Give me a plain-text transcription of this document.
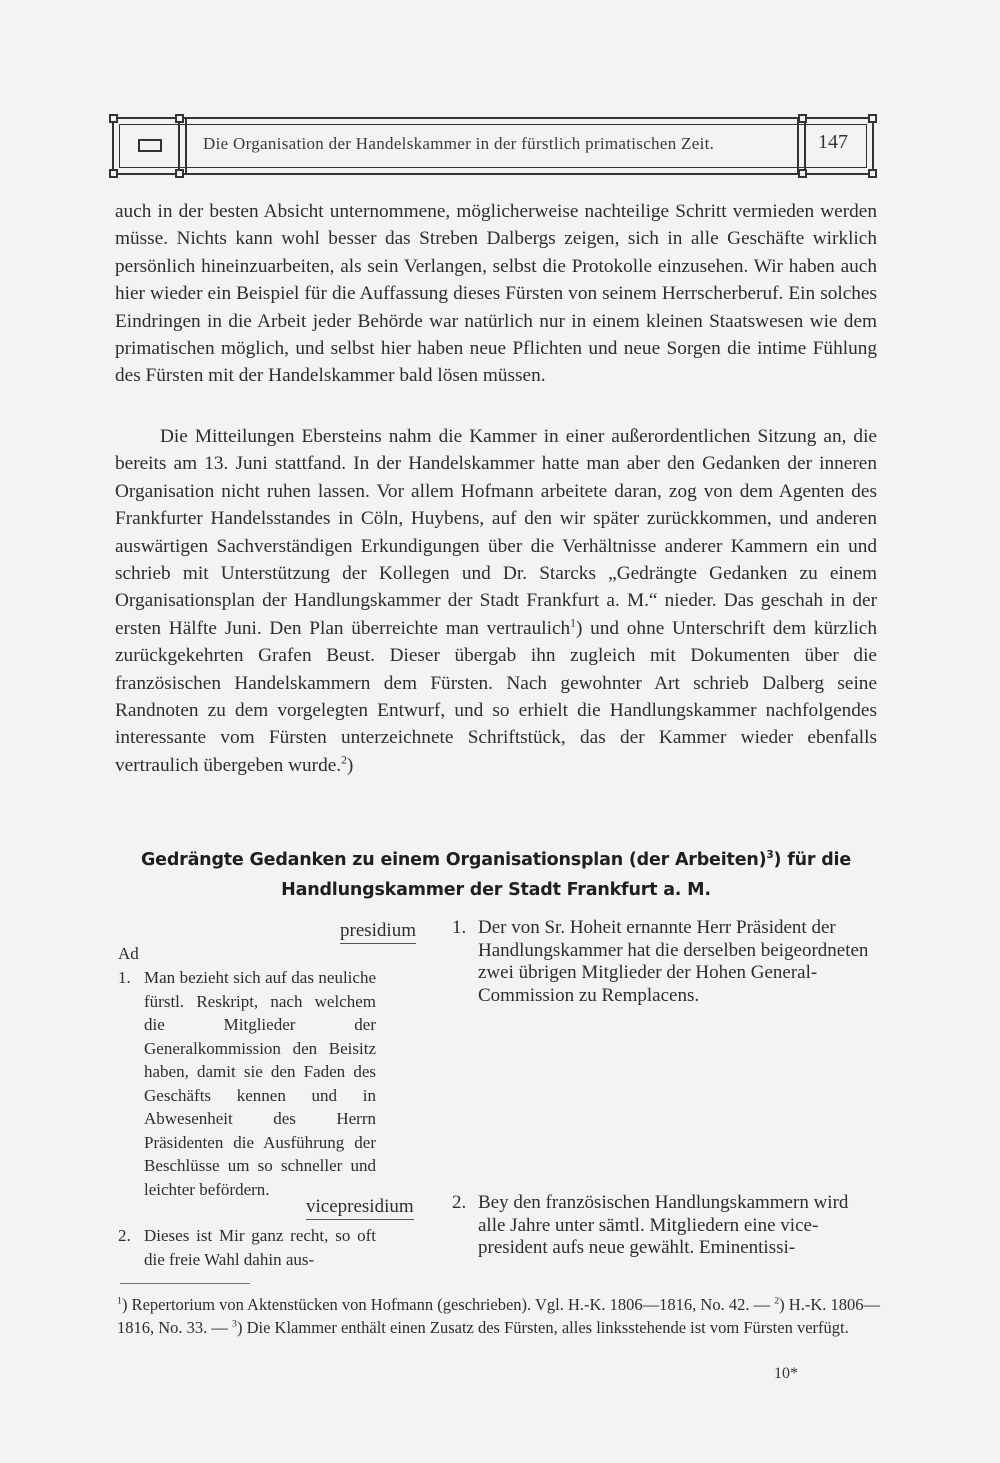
Die Organisation der Handelskammer in der fürstlich primatischen Zeit.	147
auch in der besten Absicht unternommene, möglicherweise nachteilige Schritt vermieden werden müsse. Nichts kann wohl besser das Streben Dalbergs zeigen, sich in alle Geschäfte wirklich persönlich hineinzuarbeiten, als sein Verlangen, selbst die Protokolle einzusehen. Wir haben auch hier wieder ein Beispiel für die Auffassung dieses Fürsten von seinem Herrscherberuf. Ein solches Eindringen in die Arbeit jeder Behörde war natürlich nur in einem kleinen Staatswesen wie dem primatischen möglich, und selbst hier haben neue Pflichten und neue Sorgen die intime Fühlung des Fürsten mit der Handelskammer bald lösen müssen.
Die Mitteilungen Ebersteins nahm die Kammer in einer außerordentlichen Sitzung an, die bereits am 13. Juni stattfand. In der Handelskammer hatte man aber den Gedanken der inneren Organisation nicht ruhen lassen. Vor allem Hofmann arbeitete daran, zog von dem Agenten des Frankfurter Handelsstandes in Cöln, Huybens, auf den wir später zurückkommen, und anderen auswärtigen Sachverständigen Erkundigungen über die Verhältnisse anderer Kammern ein und schrieb mit Unterstützung der Kollegen und Dr. Starcks „Gedrängte Gedanken zu einem Organisationsplan der Handlungskammer der Stadt Frankfurt a. M.“ nieder. Das geschah in der ersten Hälfte Juni. Den Plan überreichte man vertraulich$^1$) und ohne Unterschrift dem kürzlich zurückgekehrten Grafen Beust. Dieser übergab ihn zugleich mit Dokumenten über die französischen Handelskammern dem Fürsten. Nach gewohnter Art schrieb Dalberg seine Randnoten zu dem vorgelegten Entwurf, und so erhielt die Handlungskammer nachfolgendes interessante vom Fürsten unterzeichnete Schriftstück, das der Kammer wieder ebenfalls vertraulich übergeben wurde.$^2$)
Gedrängte Gedanken zu einem Organisationsplan (der Arbeiten)$^3$) für die
Handlungskammer der Stadt Frankfurt a. M.
presidium
Ad
1. Man bezieht sich auf das neuliche fürstl. Reskript, nach welchem die Mitglieder der Generalkommission den Beisitz haben, damit sie den Faden des Geschäfts kennen und in Abwesenheit des Herrn Präsidenten die Ausführung der Beschlüsse um so schneller und leichter befördern.
1. Der von Sr. Hoheit ernannte Herr Präsident der Handlungskammer hat die derselben beigeordneten zwei übrigen Mitglieder der Hohen General-Commission zu Remplacens.
vicepresidium
2. Dieses ist Mir ganz recht, so oft die freie Wahl dahin aus-
2. Bey den französischen Handlungskammern wird alle Jahre unter sämtl. Mitgliedern eine vice-president aufs neue gewählt. Eminentissi-
$^1$) Repertorium von Aktenstücken von Hofmann (geschrieben). Vgl. H.-K. 1806—1816, No. 42. — $^2$) H.-K. 1806—1816, No. 33. — $^3$) Die Klammer enthält einen Zusatz des Fürsten, alles linksstehende ist vom Fürsten verfügt.
10*
